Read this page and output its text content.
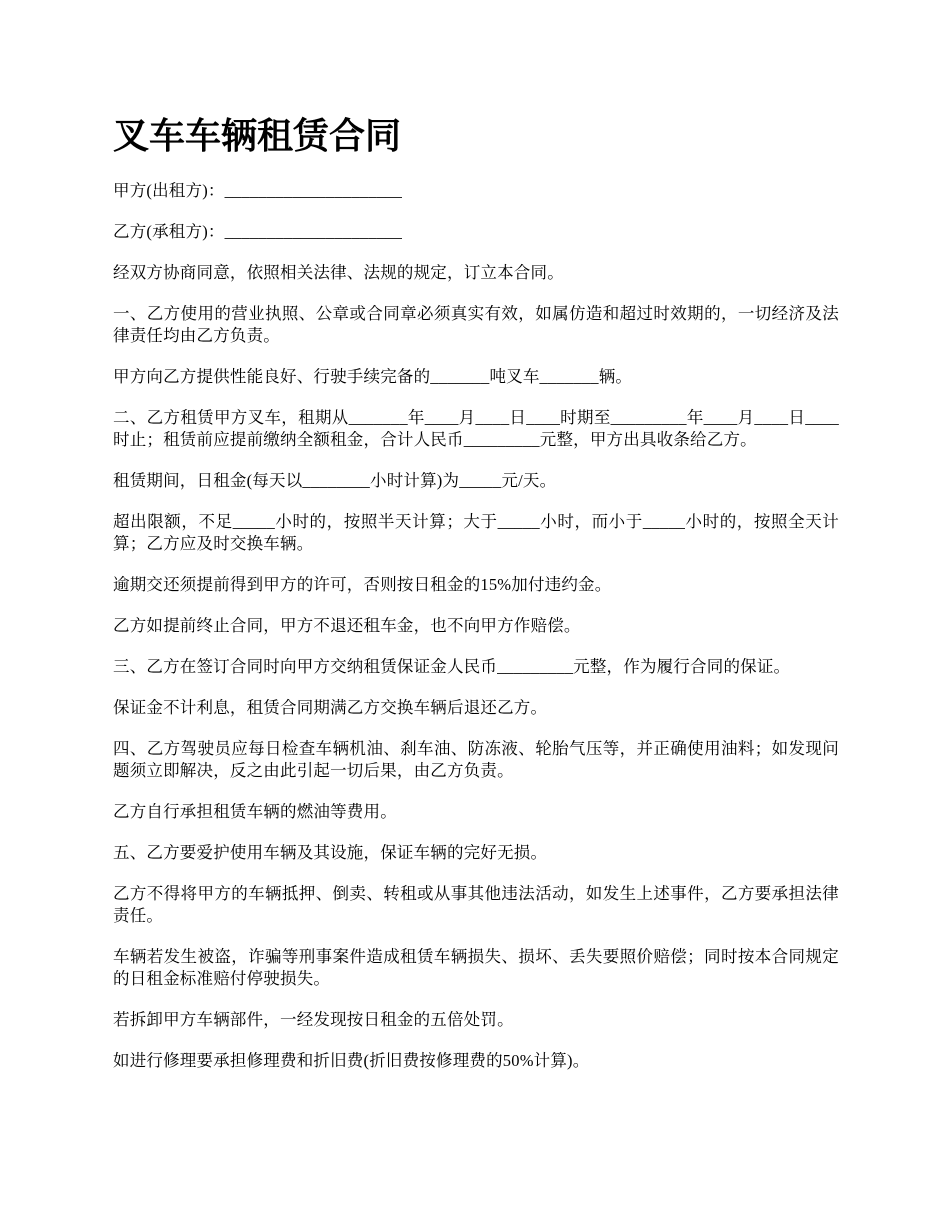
叉车车辆租赁合同

甲方(出租方)：_____________________

乙方(承租方)：_____________________

经双方协商同意，依照相关法律、法规的规定，订立本合同。

一、乙方使用的营业执照、公章或合同章必须真实有效，如属仿造和超过时效期的，一切经济及法律责任均由乙方负责。

甲方向乙方提供性能良好、行驶手续完备的_______吨叉车_______辆。

二、乙方租赁甲方叉车，租期从_______年____月____日____时期至_________年____月____日____时止；租赁前应提前缴纳全额租金，合计人民币_________元整，甲方出具收条给乙方。

租赁期间，日租金(每天以________小时计算)为_____元/天。

超出限额，不足_____小时的，按照半天计算；大于_____小时，而小于_____小时的，按照全天计算；乙方应及时交换车辆。

逾期交还须提前得到甲方的许可，否则按日租金的15%加付违约金。

乙方如提前终止合同，甲方不退还租车金，也不向甲方作赔偿。

三、乙方在签订合同时向甲方交纳租赁保证金人民币_________元整，作为履行合同的保证。

保证金不计利息，租赁合同期满乙方交换车辆后退还乙方。

四、乙方驾驶员应每日检查车辆机油、刹车油、防冻液、轮胎气压等，并正确使用油料；如发现问题须立即解决，反之由此引起一切后果，由乙方负责。

乙方自行承担租赁车辆的燃油等费用。

五、乙方要爱护使用车辆及其设施，保证车辆的完好无损。

乙方不得将甲方的车辆抵押、倒卖、转租或从事其他违法活动，如发生上述事件，乙方要承担法律责任。

车辆若发生被盗，诈骗等刑事案件造成租赁车辆损失、损坏、丢失要照价赔偿；同时按本合同规定的日租金标准赔付停驶损失。

若拆卸甲方车辆部件，一经发现按日租金的五倍处罚。

如进行修理要承担修理费和折旧费(折旧费按修理费的50%计算)。
